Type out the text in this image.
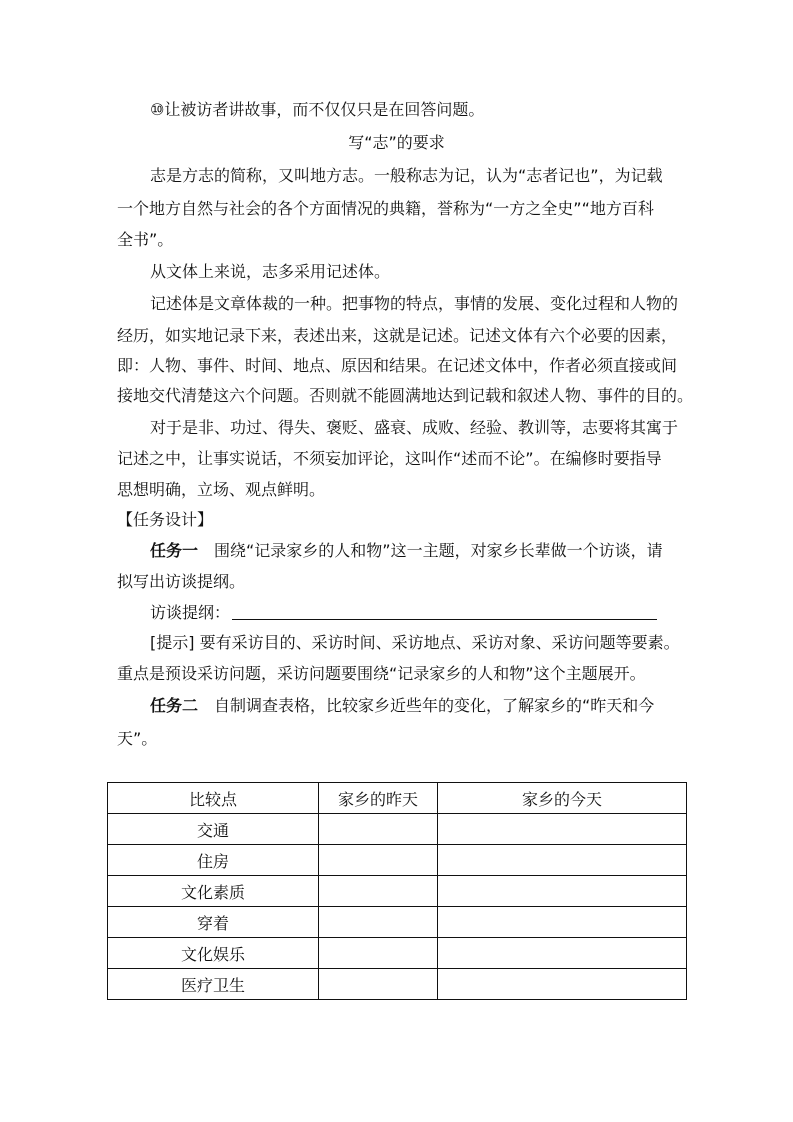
⑩让被访者讲故事，而不仅仅只是在回答问题。
写“志”的要求
志是方志的简称，又叫地方志。一般称志为记，认为“志者记也”，为记载
一个地方自然与社会的各个方面情况的典籍，誉称为“一方之全史”“地方百科
全书”。
从文体上来说，志多采用记述体。
记述体是文章体裁的一种。把事物的特点，事情的发展、变化过程和人物的
经历，如实地记录下来，表述出来，这就是记述。记述文体有六个必要的因素，
即：人物、事件、时间、地点、原因和结果。在记述文体中，作者必须直接或间
接地交代清楚这六个问题。否则就不能圆满地达到记载和叙述人物、事件的目的。
对于是非、功过、得失、褒贬、盛衰、成败、经验、教训等，志要将其寓于
记述之中，让事实说话，不须妄加评论，这叫作“述而不论”。在编修时要指导
思想明确，立场、观点鲜明。
【任务设计】
任务一　围绕“记录家乡的人和物”这一主题，对家乡长辈做一个访谈，请
拟写出访谈提纲。
访谈提纲：
[提示] 要有采访目的、采访时间、采访地点、采访对象、采访问题等要素。
重点是预设采访问题，采访问题要围绕“记录家乡的人和物”这个主题展开。
任务二　自制调查表格，比较家乡近些年的变化，了解家乡的“昨天和今
天”。
比较点	家乡的昨天	家乡的今天
交通		
住房		
文化素质		
穿着		
文化娱乐		
医疗卫生		
